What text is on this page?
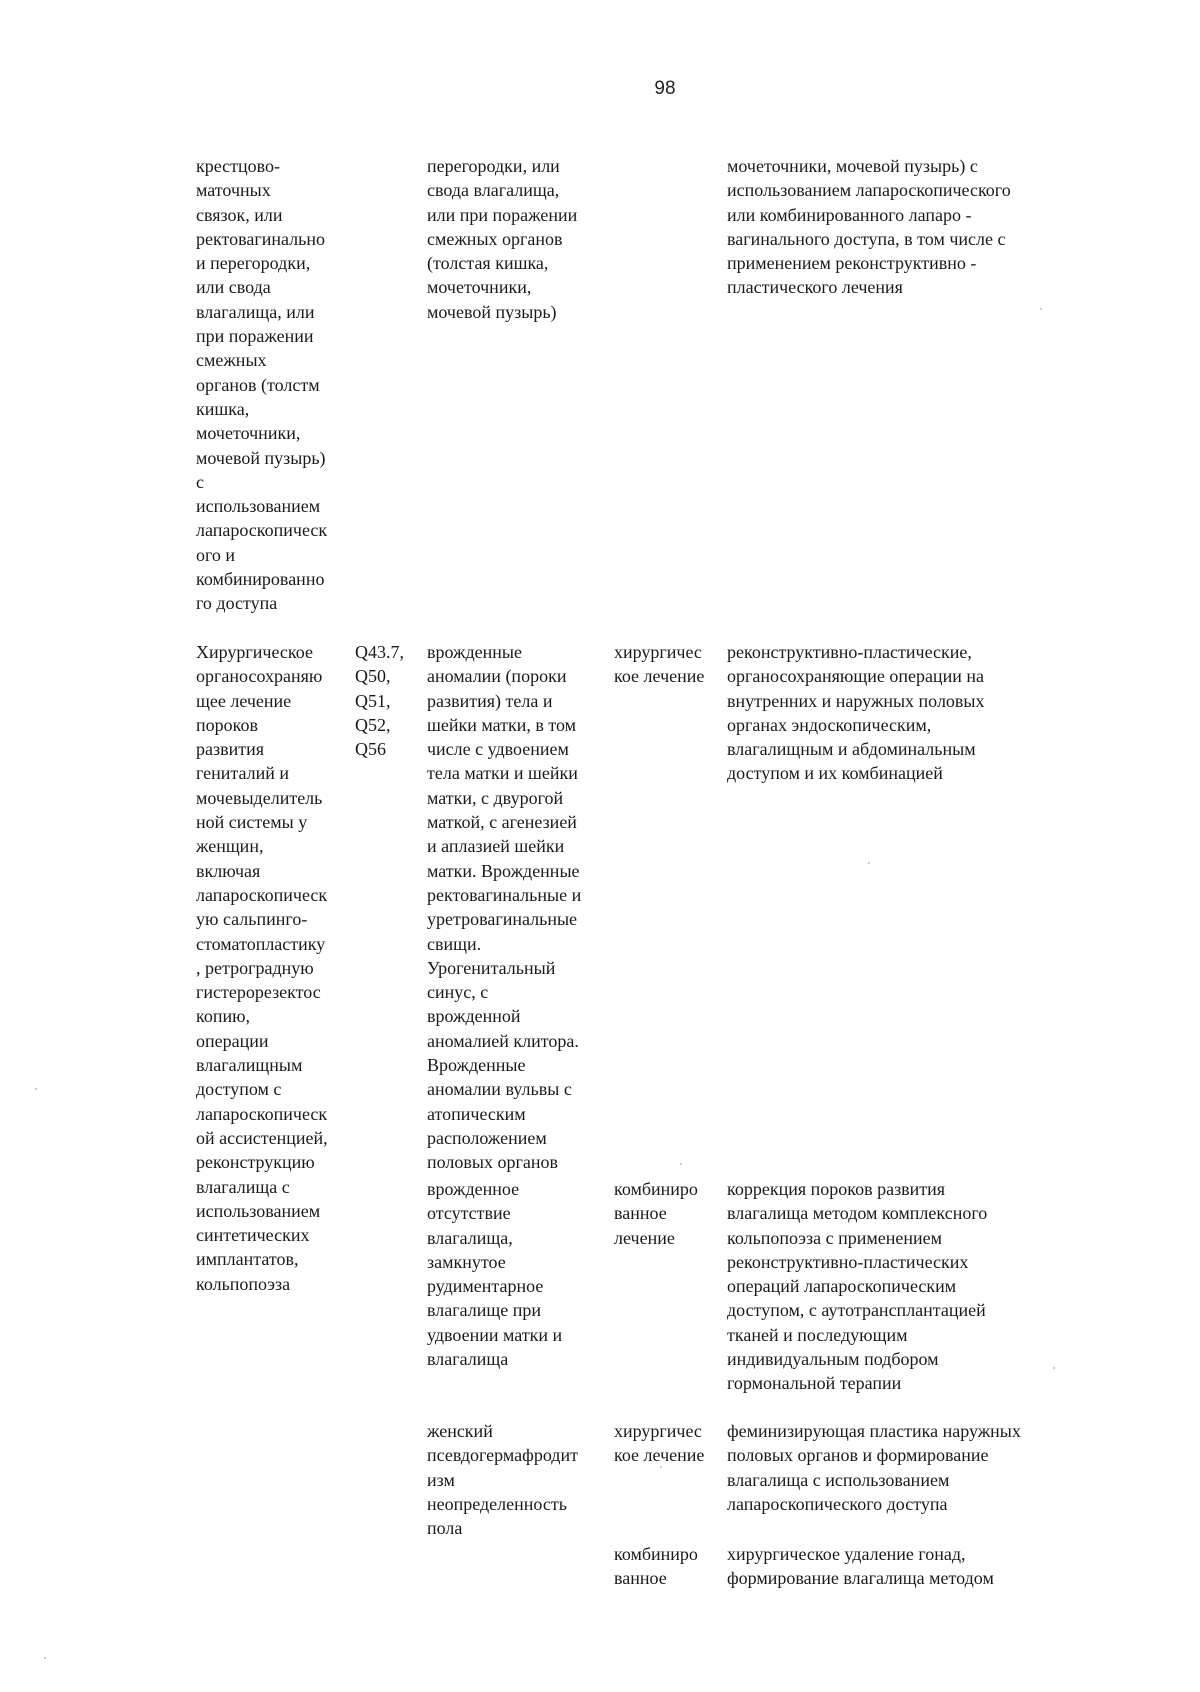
98

крестцово-
маточных
связок, или
ректовагинально
и перегородки,
или свода
влагалища, или
при поражении
смежных
органов (толстм
кишка,
мочеточники,
мочевой пузырь)
с
использованием
лапароскопическ
ого и
комбинированно
го доступа

перегородки, или
свода влагалища,
или при поражении
смежных органов
(толстая кишка,
мочеточники,
мочевой пузырь)

мочеточники, мочевой пузырь) с
использованием лапароскопического
или комбинированного лапаро -
вагинального доступа, в том числе с
применением реконструктивно -
пластического лечения

Хирургическое
органосохраняю
щее лечение
пороков
развития
гениталий и
мочевыделитель
ной системы у
женщин,
включая
лапароскопическ
ую сальпинго-
стоматопластику
, ретроградную
гистерорезектос
копию,
операции
влагалищным
доступом с
лапароскопическ
ой ассистенцией,
реконструкцию
влагалища с
использованием
синтетических
имплантатов,
кольпопоэза

Q43.7,
Q50,
Q51,
Q52,
Q56

врожденные
аномалии (пороки
развития) тела и
шейки матки, в том
числе с удвоением
тела матки и шейки
матки, с двурогой
маткой, с агенезией
и аплазией шейки
матки. Врожденные
ректовагинальные и
уретровагинальные
свищи.
Урогенитальный
синус, с
врожденной
аномалией клитора.
Врожденные
аномалии вульвы с
атопическим
расположением
половых органов

хирургичес
кое лечение

реконструктивно-пластические,
органосохраняющие операции на
внутренних и наружных половых
органах эндоскопическим,
влагалищным и абдоминальным
доступом и их комбинацией

врожденное
отсутствие
влагалища,
замкнутое
рудиментарное
влагалище при
удвоении матки и
влагалища

комбиниро
ванное
лечение

коррекция пороков развития
влагалища методом комплексного
кольпопоэза с применением
реконструктивно-пластических
операций лапароскопическим
доступом, с аутотрансплантацией
тканей и последующим
индивидуальным подбором
гормональной терапии

женский
псевдогермафродит
изм
неопределенность
пола

хирургичес
кое лечение

феминизирующая пластика наружных
половых органов и формирование
влагалища с использованием
лапароскопического доступа

комбиниро
ванное

хирургическое удаление гонад,
формирование влагалища методом
